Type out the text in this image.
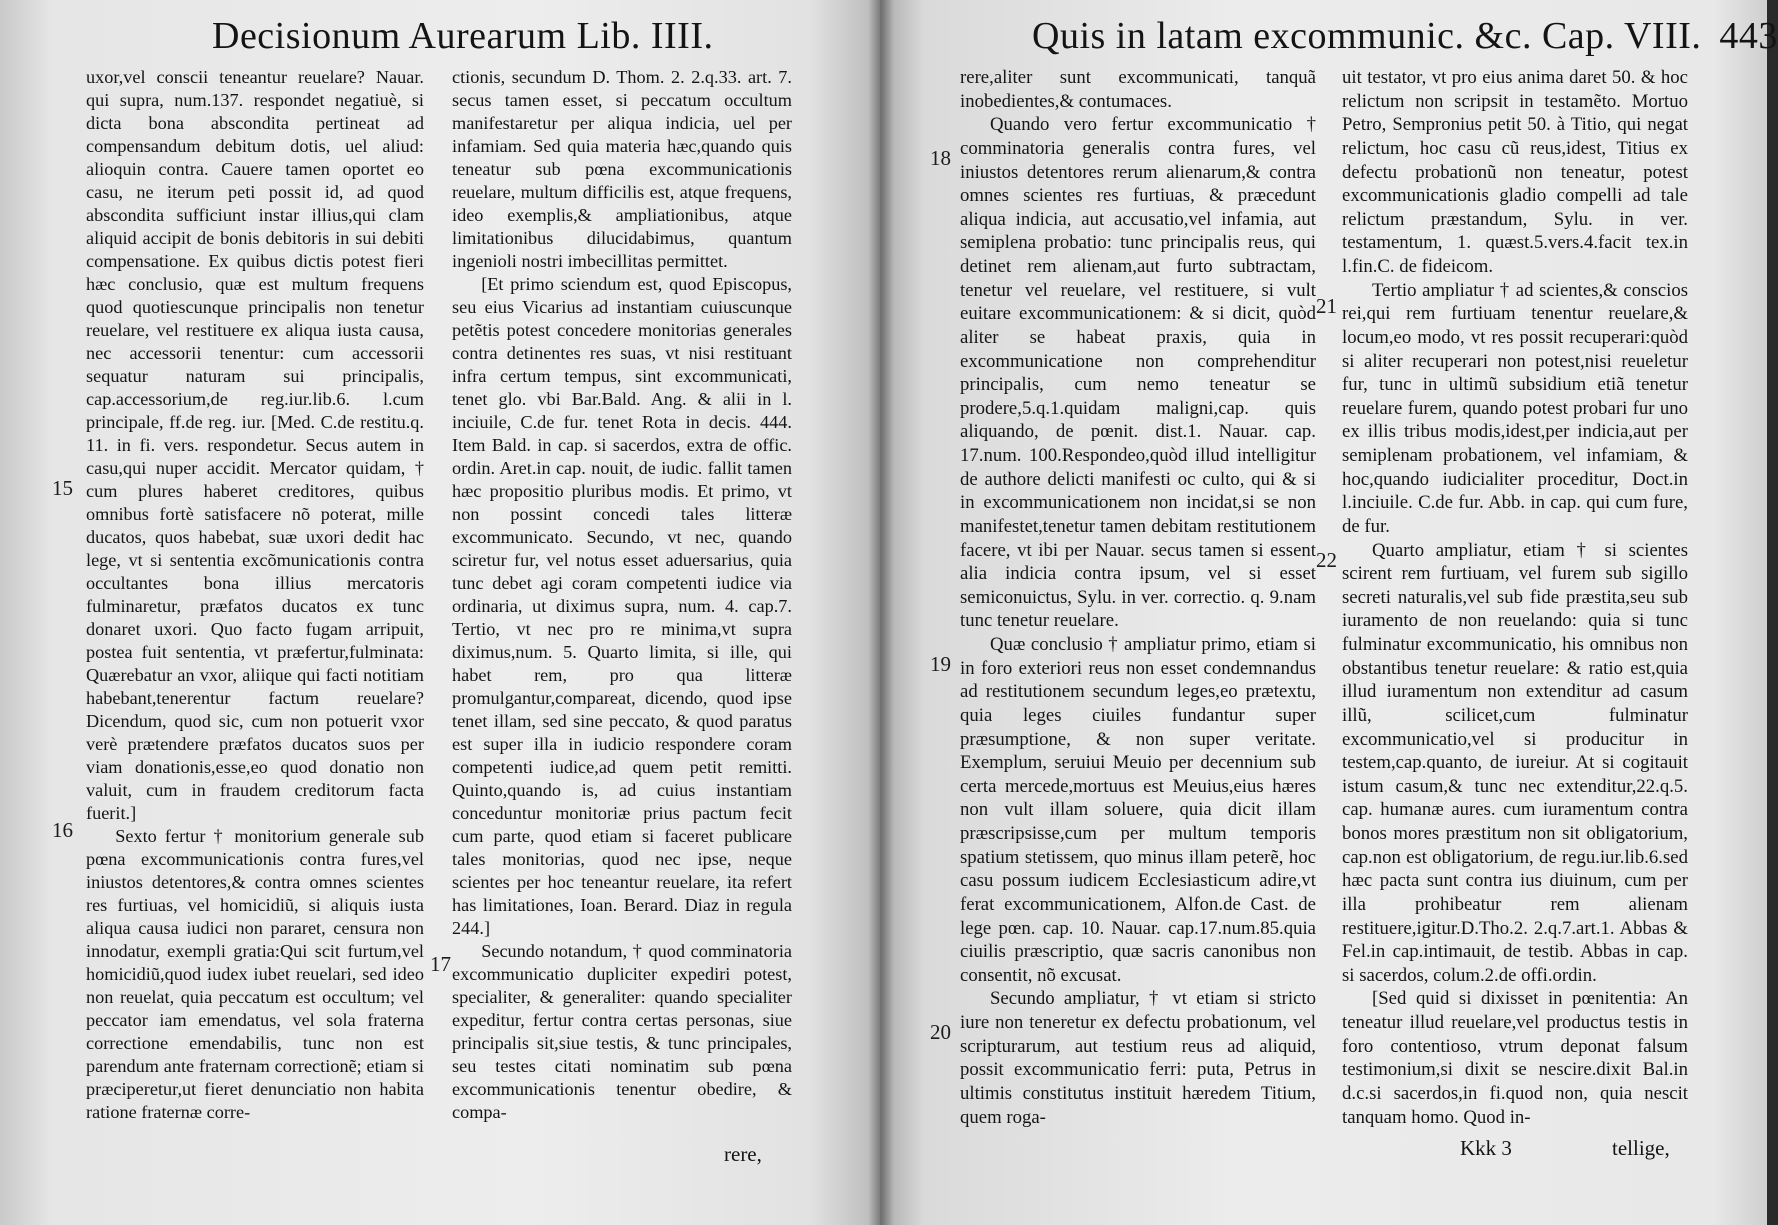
Decisionum Aurearum Lib. IIII.

uxor,vel conscii teneantur reuelare? Nauar. qui supra, num.137. respondet negatiuè, si dicta bona abscondita pertineat ad compensandum debitum dotis, uel aliud: alioquin contra. Cauere tamen oportet eo casu, ne iterum peti possit id, ad quod abscondita sufficiunt instar illius,qui clam aliquid accipit de bonis debitoris in sui debiti compensatione. Ex quibus dictis potest fieri hæc conclusio, quæ est multum frequens quod quotiescunque principalis non tenetur reuelare, vel restituere ex aliqua iusta causa, nec accessorii tenentur: cum accessorii sequatur naturam sui principalis, cap.accessorium,de reg.iur.lib.6. l.cum principale, ff.de reg. iur. [Med. C.de restitu.q. 11. in fi. vers. respondetur. Secus autem in casu,qui nuper accidit. Mercator quidam, † cum plures haberet creditores, quibus omnibus fortè satisfacere nõ poterat, mille ducatos, quos habebat, suæ uxori dedit hac lege, vt si sententia excõmunicationis contra occultantes bona illius mercatoris fulminaretur, præfatos ducatos ex tunc donaret uxori. Quo facto fugam arripuit, postea fuit sententia, vt præfertur,fulminata: Quærebatur an vxor, aliique qui facti notitiam habebant,tenerentur factum reuelare? Dicendum, quod sic, cum non potuerit vxor verè prætendere præfatos ducatos suos per viam donationis,esse,eo quod donatio non valuit, cum in fraudem creditorum facta fuerit.]

Sexto fertur † monitorium generale sub pœna excommunicationis contra fures,vel iniustos detentores,& contra omnes scientes res furtiuas, vel homicidiũ, si aliquis iusta aliqua causa iudici non pararet, censura non innodatur, exempli gratia:Qui scit furtum,vel homicidiũ,quod iudex iubet reuelari, sed ideo non reuelat, quia peccatum est occultum; vel peccator iam emendatus, vel sola fraterna correctione emendabilis, tunc non est parendum ante fraternam correctionẽ; etiam si præciperetur,ut fieret denunciatio non habita ratione fraternæ corre-

ctionis, secundum D. Thom. 2. 2.q.33. art. 7. secus tamen esset, si peccatum occultum manifestaretur per aliqua indicia, uel per infamiam. Sed quia materia hæc,quando quis teneatur sub pœna excommunicationis reuelare, multum difficilis est, atque frequens, ideo exemplis,& ampliationibus, atque limitationibus dilucidabimus, quantum ingenioli nostri imbecillitas permittet.

[Et primo sciendum est, quod Episcopus, seu eius Vicarius ad instantiam cuiuscunque petẽtis potest concedere monitorias generales contra detinentes res suas, vt nisi restituant infra certum tempus, sint excommunicati, tenet glo. vbi Bar.Bald. Ang. & alii in l. inciuile, C.de fur. tenet Rota in decis. 444. Item Bald. in cap. si sacerdos, extra de offic. ordin. Aret.in cap. nouit, de iudic. fallit tamen hæc propositio pluribus modis. Et primo, vt non possint concedi tales litteræ excommunicato. Secundo, vt nec, quando sciretur fur, vel notus esset aduersarius, quia tunc debet agi coram competenti iudice via ordinaria, ut diximus supra, num. 4. cap.7. Tertio, vt nec pro re minima,vt supra diximus,num. 5. Quarto limita, si ille, qui habet rem, pro qua litteræ promulgantur,compareat, dicendo, quod ipse tenet illam, sed sine peccato, & quod paratus est super illa in iudicio respondere coram competenti iudice,ad quem petit remitti. Quinto,quando is, ad cuius instantiam conceduntur monitoriæ prius pactum fecit cum parte, quod etiam si faceret publicare tales monitorias, quod nec ipse, neque scientes per hoc teneantur reuelare, ita refert has limitationes, Ioan. Berard. Diaz in regula 244.]

Secundo notandum, † quod comminatoria excommunicatio dupliciter expediri potest, specialiter, & generaliter: quando specialiter expeditur, fertur contra certas personas, siue principalis sit,siue testis, & tunc principales, seu testes citati nominatim sub pœna excommunicationis tenentur obedire, & compa-

15
16
17
rere,
Quis in latam excommunic. &c. Cap. VIII. 443

rere,aliter sunt excommunicati, tanquã inobedientes,& contumaces.

Quando vero fertur excommunicatio † comminatoria generalis contra fures, vel iniustos detentores rerum alienarum,& contra omnes scientes res furtiuas, & præcedunt aliqua indicia, aut accusatio,vel infamia, aut semiplena probatio: tunc principalis reus, qui detinet rem alienam,aut furto subtractam, tenetur vel reuelare, vel restituere, si vult euitare excommunicationem: & si dicit, quòd aliter se habeat praxis, quia in excommunicatione non comprehenditur principalis, cum nemo teneatur se prodere,5.q.1.quidam maligni,cap. quis aliquando, de pœnit. dist.1. Nauar. cap. 17.num. 100.Respondeo,quòd illud intelligitur de authore delicti manifesti oc culto, qui & si in excommunicationem non incidat,si se non manifestet,tenetur tamen debitam restitutionem facere, vt ibi per Nauar. secus tamen si essent alia indicia contra ipsum, vel si esset semiconuictus, Sylu. in ver. correctio. q. 9.nam tunc tenetur reuelare.

Quæ conclusio † ampliatur primo, etiam si in foro exteriori reus non esset condemnandus ad restitutionem secundum leges,eo prætextu, quia leges ciuiles fundantur super præsumptione, & non super veritate. Exemplum, seruiui Meuio per decennium sub certa mercede,mortuus est Meuius,eius hæres non vult illam soluere, quia dicit illam præscripsisse,cum per multum temporis spatium stetissem, quo minus illam peterẽ, hoc casu possum iudicem Ecclesiasticum adire,vt ferat excommunicationem, Alfon.de Cast. de lege pœn. cap. 10. Nauar. cap.17.num.85.quia ciuilis præscriptio, quæ sacris canonibus non consentit, nõ excusat.

Secundo ampliatur, † vt etiam si stricto iure non teneretur ex defectu probationum, vel scripturarum, aut testium reus ad aliquid, possit excommunicatio ferri: puta, Petrus in ultimis constitutus instituit hæredem Titium, quem roga-

uit testator, vt pro eius anima daret 50. & hoc relictum non scripsit in testamẽto. Mortuo Petro, Sempronius petit 50. à Titio, qui negat relictum, hoc casu cũ reus,idest, Titius ex defectu probationũ non teneatur, potest excommunicationis gladio compelli ad tale relictum præstandum, Sylu. in ver. testamentum, 1. quæst.5.vers.4.facit tex.in l.fin.C. de fideicom.

Tertio ampliatur † ad scientes,& conscios rei,qui rem furtiuam tenentur reuelare,& locum,eo modo, vt res possit recuperari:quòd si aliter recuperari non potest,nisi reueletur fur, tunc in ultimũ subsidium etiã tenetur reuelare furem, quando potest probari fur uno ex illis tribus modis,idest,per indicia,aut per semiplenam probationem, vel infamiam, & hoc,quando iudicialiter proceditur, Doct.in l.inciuile. C.de fur. Abb. in cap. qui cum fure, de fur.

Quarto ampliatur, etiam † si scientes scirent rem furtiuam, vel furem sub sigillo secreti naturalis,vel sub fide præstita,seu sub iuramento de non reuelando: quia si tunc fulminatur excommunicatio, his omnibus non obstantibus tenetur reuelare: & ratio est,quia illud iuramentum non extenditur ad casum illũ, scilicet,cum fulminatur excommunicatio,vel si producitur in testem,cap.quanto, de iureiur. At si cogitauit istum casum,& tunc nec extenditur,22.q.5. cap. humanæ aures. cum iuramentum contra bonos mores præstitum non sit obligatorium, cap.non est obligatorium, de regu.iur.lib.6.sed hæc pacta sunt contra ius diuinum, cum per illa prohibeatur rem alienam restituere,igitur.D.Tho.2. 2.q.7.art.1. Abbas & Fel.in cap.intimauit, de testib. Abbas in cap. si sacerdos, colum.2.de offi.ordin.

[Sed quid si dixisset in pœnitentia: An teneatur illud reuelare,vel productus testis in foro contentioso, vtrum deponat falsum testimonium,si dixit se nescire.dixit Bal.in d.c.si sacerdos,in fi.quod non, quia nescit tanquam homo. Quod in-

18
19
20
21
22
Kkk 3	tellige,
